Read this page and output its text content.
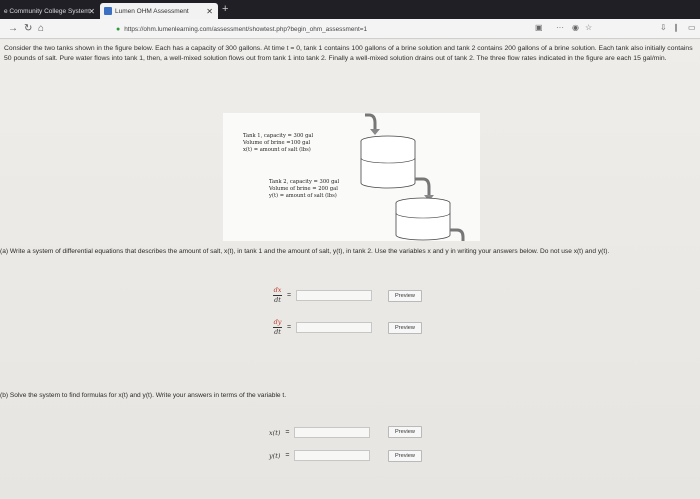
e Community College System
✕	Lumen OHM Assessment ✕ +
→ ↻ ⌂	● https://ohm.lumenlearning.com/assessment/showtest.php?begin_ohm_assessment=1	▣ ··· ◉ ☆	⇩ ∥ ▭

Consider the two tanks shown in the figure below. Each has a capacity of 300 gallons. At time t = 0, tank 1 contains 100 gallons of a brine solution and tank 2 contains 200 gallons of a brine solution. Each tank also initially contains 50 pounds of salt. Pure water flows into tank 1, then, a well-mixed solution flows out from tank 1 into tank 2. Finally a well-mixed solution drains out of tank 2. The three flow rates indicated in the figure are each 15 gal/min.

Tank 1, capacity = 300 gal
Volume of brine =100 gal
x(t) = amount of salt (lbs)
Tank 2, capacity = 300 gal
Volume of brine = 200 gal
y(t) = amount of salt (lbs)

(a) Write a system of differential equations that describes the amount of salt, x(t), in tank 1 and the amount of salt, y(t), in tank 2. Use the variables x and y in writing your answers below. Do not use x(t) and y(t).

$\frac{dx}{dt}$ =	Preview
$\frac{dy}{dt}$ =	Preview

(b) Solve the system to find formulas for x(t) and y(t). Write your answers in terms of the variable t.

x(t) =	Preview
y(t) =	Preview
